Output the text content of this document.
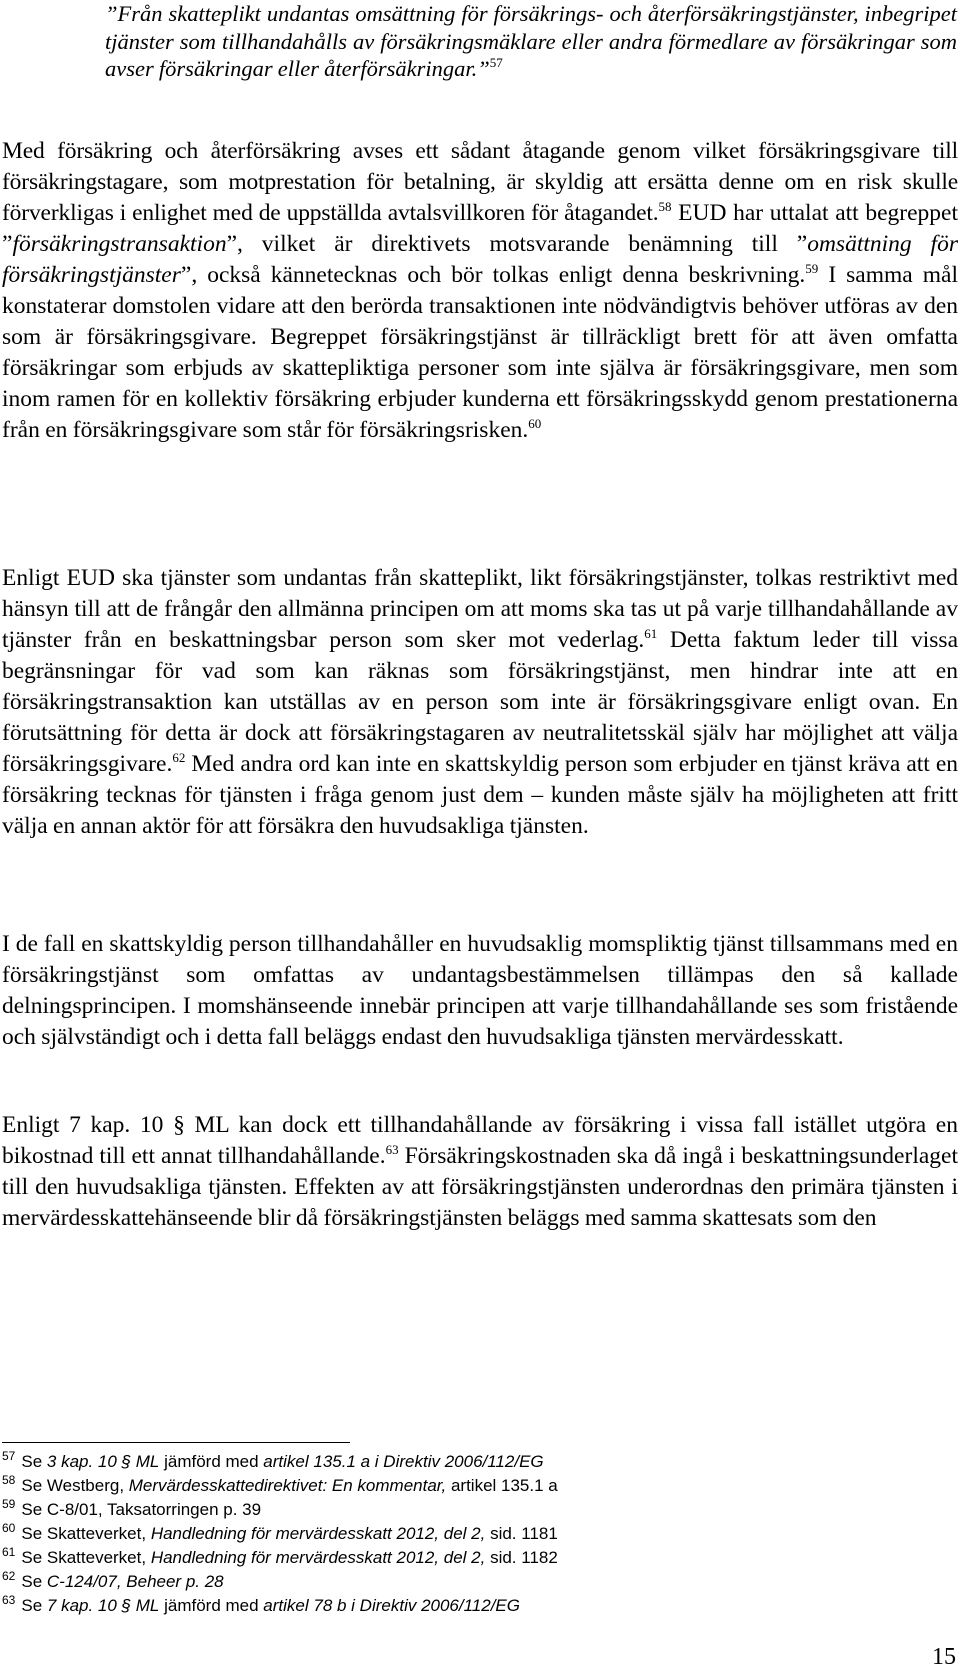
”Från skatteplikt undantas omsättning för försäkrings- och återförsäkringstjänster, inbegripet tjänster som tillhandahålls av försäkringsmäklare eller andra förmedlare av försäkringar som avser försäkringar eller återförsäkringar.”$^{57}$

Med försäkring och återförsäkring avses ett sådant åtagande genom vilket försäkringsgivare till försäkringstagare, som motprestation för betalning, är skyldig att ersätta denne om en risk skulle förverkligas i enlighet med de uppställda avtalsvillkoren för åtagandet.$^{58}$ EUD har uttalat att begreppet ”försäkringstransaktion”, vilket är direktivets motsvarande benämning till ”omsättning för försäkringstjänster”, också kännetecknas och bör tolkas enligt denna beskrivning.$^{59}$ I samma mål konstaterar domstolen vidare att den berörda transaktionen inte nödvändigtvis behöver utföras av den som är försäkringsgivare. Begreppet försäkringstjänst är tillräckligt brett för att även omfatta försäkringar som erbjuds av skattepliktiga personer som inte själva är försäkringsgivare, men som inom ramen för en kollektiv försäkring erbjuder kunderna ett försäkringsskydd genom prestationerna från en försäkringsgivare som står för försäkringsrisken.$^{60}$

Enligt EUD ska tjänster som undantas från skatteplikt, likt försäkringstjänster, tolkas restriktivt med hänsyn till att de frångår den allmänna principen om att moms ska tas ut på varje tillhandahållande av tjänster från en beskattningsbar person som sker mot vederlag.$^{61}$ Detta faktum leder till vissa begränsningar för vad som kan räknas som försäkringstjänst, men hindrar inte att en försäkringstransaktion kan utställas av en person som inte är försäkringsgivare enligt ovan. En förutsättning för detta är dock att försäkringstagaren av neutralitetsskäl själv har möjlighet att välja försäkringsgivare.$^{62}$ Med andra ord kan inte en skattskyldig person som erbjuder en tjänst kräva att en försäkring tecknas för tjänsten i fråga genom just dem – kunden måste själv ha möjligheten att fritt välja en annan aktör för att försäkra den huvudsakliga tjänsten.

I de fall en skattskyldig person tillhandahåller en huvudsaklig momspliktig tjänst tillsammans med en försäkringstjänst som omfattas av undantagsbestämmelsen tillämpas den så kallade delningsprincipen. I momshänseende innebär principen att varje tillhandahållande ses som fristående och självständigt och i detta fall beläggs endast den huvudsakliga tjänsten mervärdesskatt.

Enligt 7 kap. 10 § ML kan dock ett tillhandahållande av försäkring i vissa fall istället utgöra en bikostnad till ett annat tillhandahållande.$^{63}$ Försäkringskostnaden ska då ingå i beskattningsunderlaget till den huvudsakliga tjänsten. Effekten av att försäkringstjänsten underordnas den primära tjänsten i mervärdesskattehänseende blir då försäkringstjänsten beläggs med samma skattesats som den

$^{57}$ Se 3 kap. 10 § ML jämförd med artikel 135.1 a i Direktiv 2006/112/EG
$^{58}$ Se Westberg, Mervärdesskattedirektivet: En kommentar, artikel 135.1 a
$^{59}$ Se C-8/01, Taksatorringen p. 39
$^{60}$ Se Skatteverket, Handledning för mervärdesskatt 2012, del 2, sid. 1181
$^{61}$ Se Skatteverket, Handledning för mervärdesskatt 2012, del 2, sid. 1182
$^{62}$ Se C-124/07, Beheer p. 28
$^{63}$ Se 7 kap. 10 § ML jämförd med artikel 78 b i Direktiv 2006/112/EG
15
